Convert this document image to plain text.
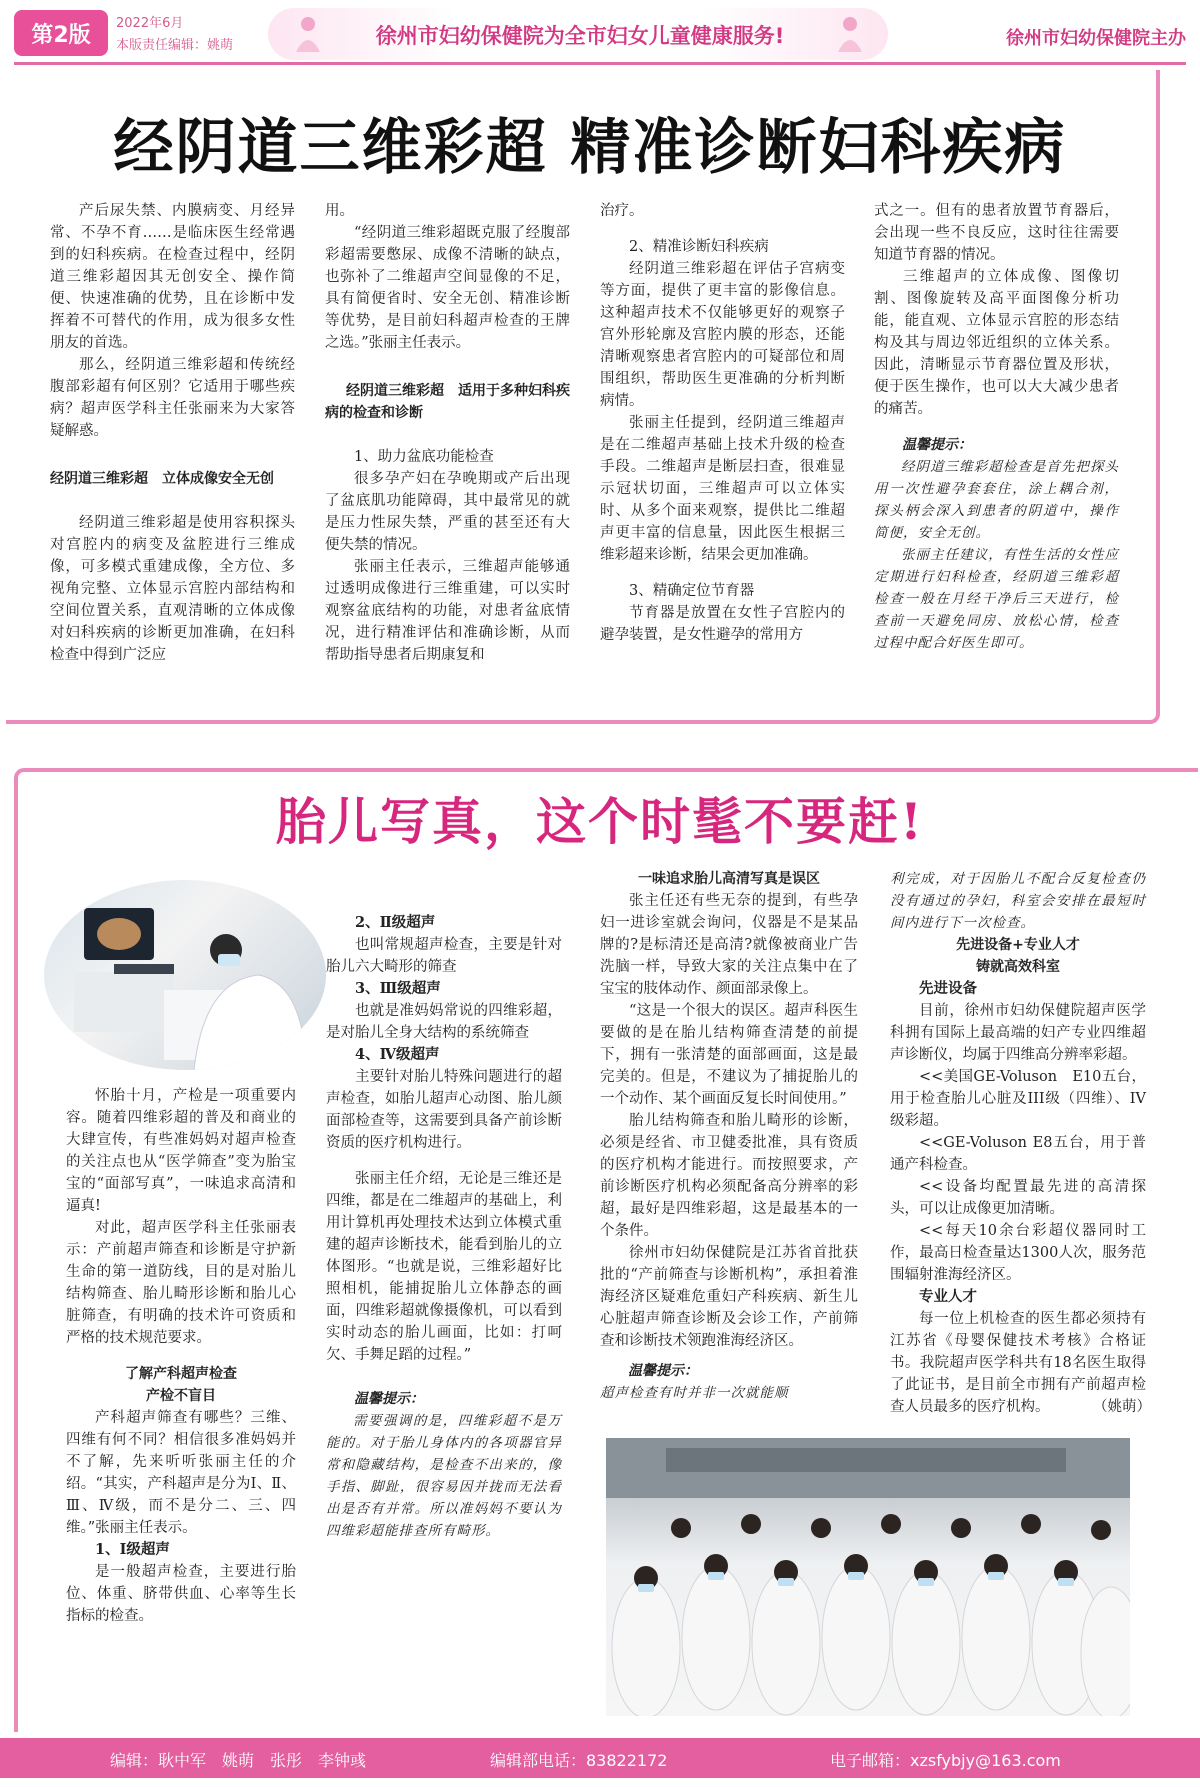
第2版	2022年6月
本版责任编辑：姚萌	徐州市妇幼保健院为全市妇女儿童健康服务!	徐州市妇幼保健院主办
经阴道三维彩超 精准诊断妇科疾病

产后尿失禁、内膜病变、月经异常、不孕不育……是临床医生经常遇到的妇科疾病。在检查过程中，经阴道三维彩超因其无创安全、操作简便、快速准确的优势，且在诊断中发挥着不可替代的作用，成为很多女性朋友的首选。

那么，经阴道三维彩超和传统经腹部彩超有何区别？它适用于哪些疾病？超声医学科主任张丽来为大家答疑解惑。

经阴道三维彩超　立体成像安全无创

经阴道三维彩超是使用容积探头对宫腔内的病变及盆腔进行三维成像，可多模式重建成像，全方位、多视角完整、立体显示宫腔内部结构和空间位置关系，直观清晰的立体成像对妇科疾病的诊断更加准确，在妇科检查中得到广泛应

用。

“经阴道三维彩超既克服了经腹部彩超需要憋尿、成像不清晰的缺点，也弥补了二维超声空间显像的不足，具有简便省时、安全无创、精准诊断等优势，是目前妇科超声检查的王牌之选。”张丽主任表示。

经阴道三维彩超　适用于多种妇科疾病的检查和诊断

1、助力盆底功能检查

很多孕产妇在孕晚期或产后出现了盆底肌功能障碍，其中最常见的就是压力性尿失禁，严重的甚至还有大便失禁的情况。

张丽主任表示，三维超声能够通过透明成像进行三维重建，可以实时观察盆底结构的功能，对患者盆底情况，进行精准评估和准确诊断，从而帮助指导患者后期康复和

治疗。

2、精准诊断妇科疾病

经阴道三维彩超在评估子宫病变等方面，提供了更丰富的影像信息。这种超声技术不仅能够更好的观察子宫外形轮廓及宫腔内膜的形态，还能清晰观察患者宫腔内的可疑部位和周围组织，帮助医生更准确的分析判断病情。

张丽主任提到，经阴道三维超声是在二维超声基础上技术升级的检查手段。二维超声是断层扫查，很难显示冠状切面，三维超声可以立体实时、从多个面来观察，提供比二维超声更丰富的信息量，因此医生根据三维彩超来诊断，结果会更加准确。

3、精确定位节育器

节育器是放置在女性子宫腔内的避孕装置，是女性避孕的常用方

式之一。但有的患者放置节育器后，会出现一些不良反应，这时往往需要知道节育器的情况。

三维超声的立体成像、图像切割、图像旋转及高平面图像分析功能，能直观、立体显示宫腔的形态结构及其与周边邻近组织的立体关系。因此，清晰显示节育器位置及形状，便于医生操作，也可以大大减少患者的痛苦。

温馨提示：

经阴道三维彩超检查是首先把探头用一次性避孕套套住，涂上耦合剂，探头柄会深入到患者的阴道中，操作简便，安全无创。

张丽主任建议，有性生活的女性应定期进行妇科检查，经阴道三维彩超检查一般在月经干净后三天进行，检查前一天避免同房、放松心情，检查过程中配合好医生即可。

胎儿写真，这个时髦不要赶!

怀胎十月，产检是一项重要内容。随着四维彩超的普及和商业的大肆宣传，有些准妈妈对超声检查的关注点也从“医学筛查”变为胎宝宝的“面部写真”，一味追求高清和逼真!

对此，超声医学科主任张丽表示：产前超声筛查和诊断是守护新生命的第一道防线，目的是对胎儿结构筛查、胎儿畸形诊断和胎儿心脏筛查，有明确的技术许可资质和严格的技术规范要求。

了解产科超声检查
产检不盲目

产科超声筛查有哪些？三维、四维有何不同？相信很多准妈妈并不了解，先来听听张丽主任的介绍。“其实，产科超声是分为Ⅰ、Ⅱ、Ⅲ、Ⅳ级，而不是分二、三、四维。”张丽主任表示。

1、Ⅰ级超声

是一般超声检查，主要进行胎位、体重、脐带供血、心率等生长指标的检查。

2、Ⅱ级超声

也叫常规超声检查，主要是针对胎儿六大畸形的筛查

3、Ⅲ级超声

也就是准妈妈常说的四维彩超，是对胎儿全身大结构的系统筛查

4、Ⅳ级超声

主要针对胎儿特殊问题进行的超声检查，如胎儿超声心动图、胎儿颜面部检查等，这需要到具备产前诊断资质的医疗机构进行。

张丽主任介绍，无论是三维还是四维，都是在二维超声的基础上，利用计算机再处理技术达到立体模式重建的超声诊断技术，能看到胎儿的立体图形。“也就是说，三维彩超好比照相机，能捕捉胎儿立体静态的画面，四维彩超就像摄像机，可以看到实时动态的胎儿画面，比如：打呵欠、手舞足蹈的过程。”

温馨提示：

需要强调的是，四维彩超不是万能的。对于胎儿身体内的各项器官异常和隐藏结构，是检查不出来的，像手指、脚趾，很容易因并拢而无法看出是否有并常。所以准妈妈不要认为四维彩超能排查所有畸形。

一味追求胎儿高清写真是误区

张主任还有些无奈的提到，有些孕妇一进诊室就会询问，仪器是不是某品牌的?是标清还是高清?就像被商业广告洗脑一样，导致大家的关注点集中在了宝宝的肢体动作、颜面部录像上。

“这是一个很大的误区。超声科医生要做的是在胎儿结构筛查清楚的前提下，拥有一张清楚的面部画面，这是最完美的。但是，不建议为了捕捉胎儿的一个动作、某个画面反复长时间使用。”

胎儿结构筛查和胎儿畸形的诊断，必须是经省、市卫健委批准，具有资质的医疗机构才能进行。而按照要求，产前诊断医疗机构必须配备高分辨率的彩超，最好是四维彩超，这是最基本的一个条件。

徐州市妇幼保健院是江苏省首批获批的“产前筛查与诊断机构”，承担着淮海经济区疑难危重妇产科疾病、新生儿心脏超声筛查诊断及会诊工作，产前筛查和诊断技术领跑淮海经济区。

温馨提示：

超声检查有时并非一次就能顺

利完成，对于因胎儿不配合反复检查仍没有通过的孕妇，科室会安排在最短时间内进行下一次检查。

先进设备+专业人才
铸就高效科室

先进设备

目前，徐州市妇幼保健院超声医学科拥有国际上最高端的妇产专业四维超声诊断仪，均属于四维高分辨率彩超。

<<美国GE-Voluson　E10五台，用于检查胎儿心脏及III级（四维）、IV级彩超。

<<GE-Voluson E8五台，用于普通产科检查。

<<设备均配置最先进的高清探头，可以让成像更加清晰。

<<每天10余台彩超仪器同时工作，最高日检查量达1300人次，服务范围辐射淮海经济区。

专业人才

每一位上机检查的医生都必须持有江苏省《母婴保健技术考核》合格证书。我院超声医学科共有18名医生取得了此证书，是目前全市拥有产前超声检查人员最多的医疗机构。　　　　（姚萌）

编辑：耿中军　姚萌　张彤　李钟彧	编辑部电话：83822172	电子邮箱：xzsfybjy@163.com
